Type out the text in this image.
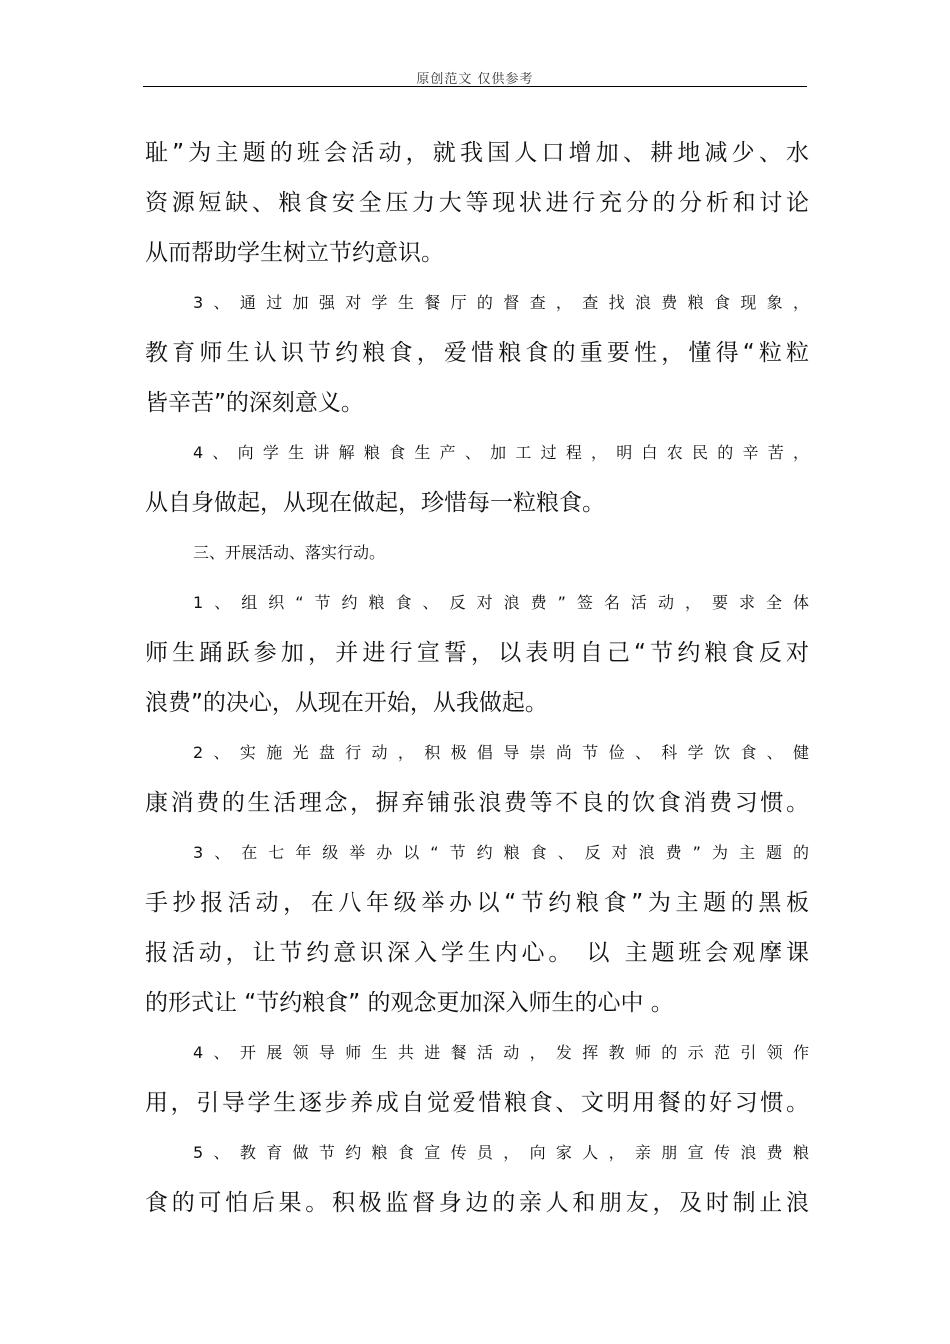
原创范文 仅供参考
耻”为主题的班会活动，就我国人口增加、耕地减少、水
资源短缺、粮食安全压力大等现状进行充分的分析和讨论
从而帮助学生树立节约意识。
3、通过加强对学生餐厅的督查，查找浪费粮食现象，
教育师生认识节约粮食，爱惜粮食的重要性，懂得“粒粒
皆辛苦”的深刻意义。
4、向学生讲解粮食生产、加工过程，明白农民的辛苦，
从自身做起，从现在做起，珍惜每一粒粮食。
三、开展活动、落实行动。
1、组织“节约粮食、反对浪费”签名活动，要求全体
师生踊跃参加，并进行宣誓，以表明自己“节约粮食反对
浪费”的决心，从现在开始，从我做起。
2、实施光盘行动，积极倡导崇尚节俭、科学饮食、健
康消费的生活理念，摒弃铺张浪费等不良的饮食消费习惯。
3、在七年级举办以“节约粮食、反对浪费”为主题的
手抄报活动，在八年级举办以“节约粮食”为主题的黑板
报活动，让节约意识深入学生内心。 以 主题班会观摩课
的形式让 “节约粮食” 的观念更加深入师生的心中 。
4、开展领导师生共进餐活动，发挥教师的示范引领作
用，引导学生逐步养成自觉爱惜粮食、文明用餐的好习惯。
5、教育做节约粮食宣传员，向家人，亲朋宣传浪费粮
食的可怕后果。积极监督身边的亲人和朋友，及时制止浪
